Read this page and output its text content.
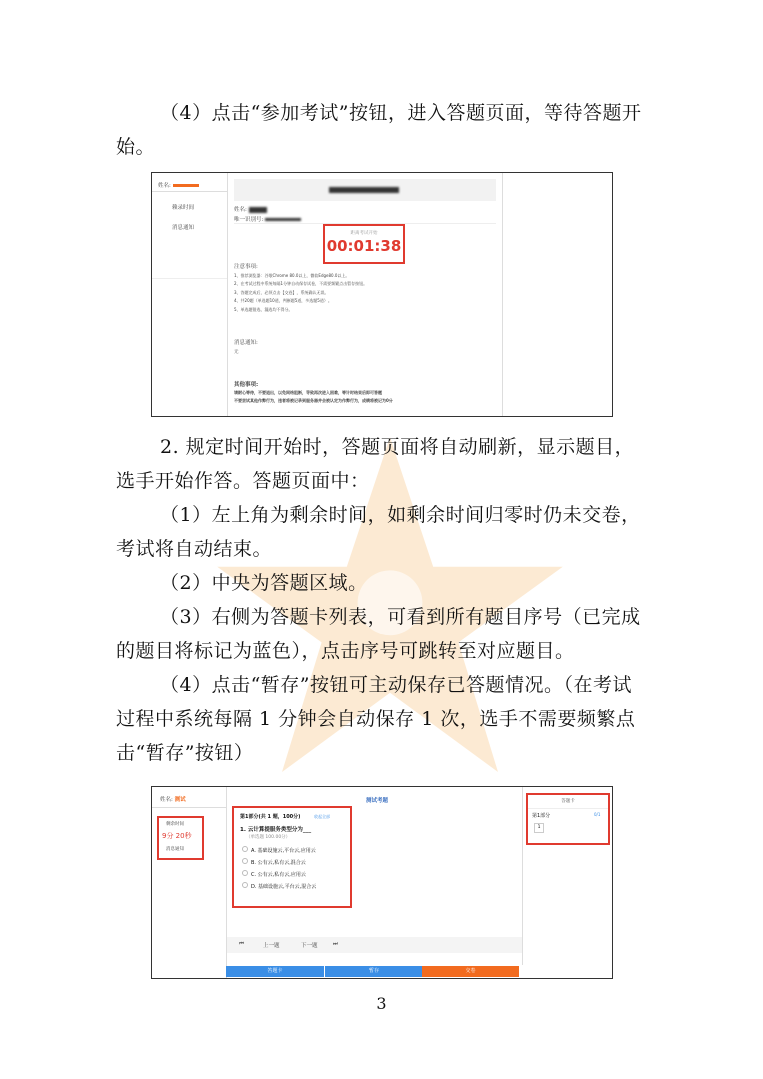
（4）点击“参加考试”按钮，进入答题页面，等待答题开始。
姓名:
赖录时间
消息通知
姓名:
唯一识别号:
注意事项:
1、推荐浏览器：谷歌Chrome 80.0以上，微软Edge80.0以上。
2、在考试过程中系统每隔1分钟自动保存试卷，不需要频繁点击暂存按钮。
3、答题完成后，必须点击【交卷】，系统确认无误。
4、共20题（单选题10道，判断题5道，多选题5道）。
5、单选题错选、漏选均不得分。
消息通知:
无
其他事项:
请耐心等待，不要退出，以免网络阻断，导致再次进入困难，等计时结束后即可答题
不要尝试其他作弊行为，违者将被记录到服务器并会被认定为作弊行为，成绩将被记为0分
距离考试开始
00:01:38
2. 规定时间开始时，答题页面将自动刷新，显示题目，选手开始作答。答题页面中：
（1）左上角为剩余时间，如剩余时间归零时仍未交卷，考试将自动结束。
（2）中央为答题区域。
（3）右侧为答题卡列表，可看到所有题目序号（已完成的题目将标记为蓝色），点击序号可跳转至对应题目。
（4）点击“暂存”按钮可主动保存已答题情况。（在考试过程中系统每隔 1 分钟会自动保存 1 次，选手不需要频繁点击“暂存”按钮）
姓名: 测试	测试考题
⏮	上一题	下一题	⏭
剩余时间
9分 20秒
消息通知
第1部分(共 1 题，100分)	收起全部
1. 云计算提服务类型分为___
（单选题 100.00分）
A. 基础设施云,平台云,应用云
B. 公有云,私有云,混合云
C. 公有云,私有云,应用云
D. 基础设施云,平台云,混合云
答题卡
第1部分	0/1
1
答题卡	暂存	交卷
3
